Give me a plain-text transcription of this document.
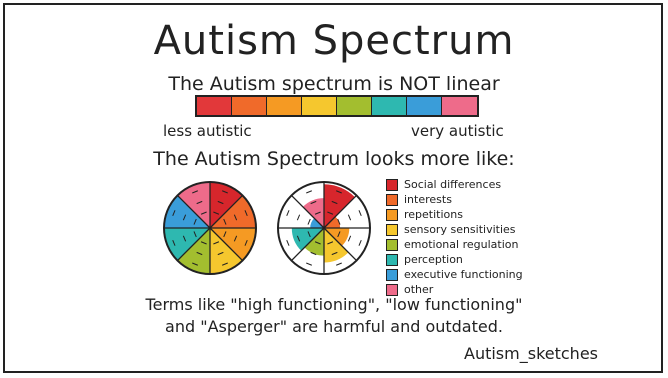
Autism Spectrum
The Autism spectrum is NOT linear
less autistic	very autistic
The Autism Spectrum looks more like:
Social differences
interests
repetitions
sensory sensitivities
emotional regulation
perception
executive functioning
other
Terms like "high functioning", "low functioning"
and "Asperger" are harmful and outdated.
Autism_sketches
